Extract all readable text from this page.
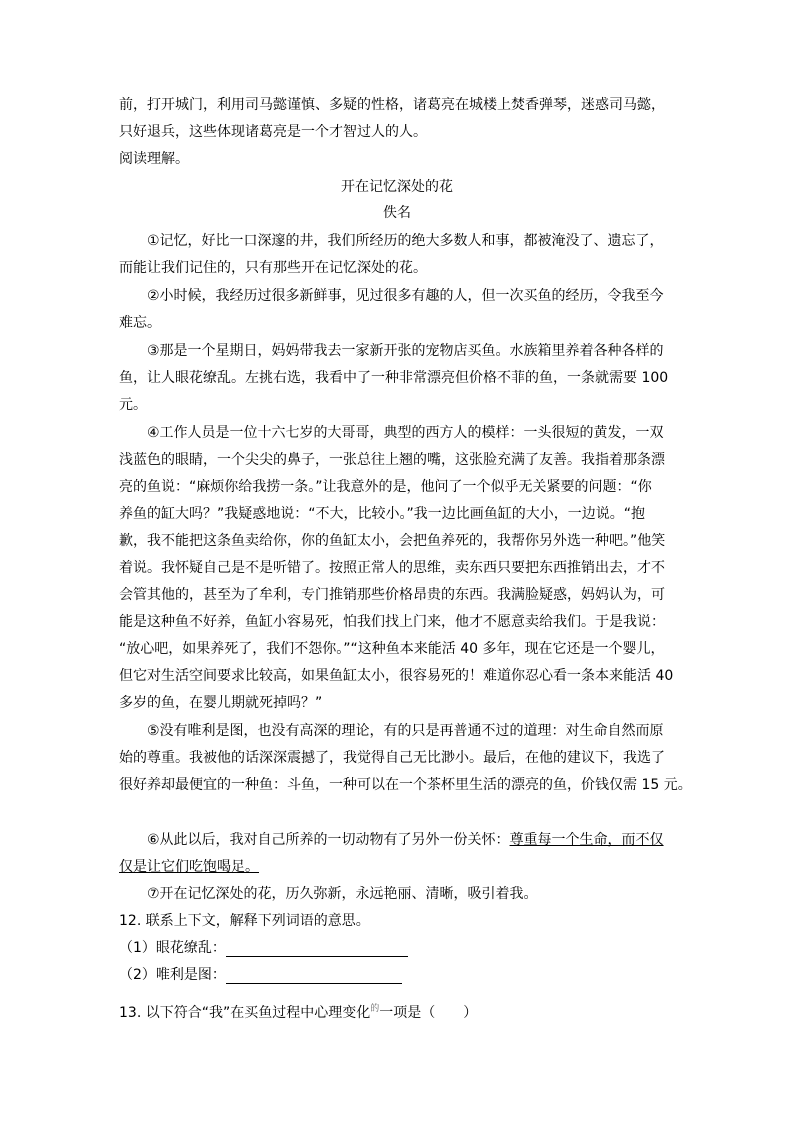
前，打开城门，利用司马懿谨慎、多疑的性格，诸葛亮在城楼上焚香弹琴，迷惑司马懿，
只好退兵，这些体现诸葛亮是一个才智过人的人。
阅读理解。
开在记忆深处的花
佚名
①记忆，好比一口深邃的井，我们所经历的绝大多数人和事，都被淹没了、遗忘了，
而能让我们记住的，只有那些开在记忆深处的花。
②小时候，我经历过很多新鲜事，见过很多有趣的人，但一次买鱼的经历，令我至今
难忘。
③那是一个星期日，妈妈带我去一家新开张的宠物店买鱼。水族箱里养着各种各样的
鱼，让人眼花缭乱。左挑右选，我看中了一种非常漂亮但价格不菲的鱼，一条就需要 100
元。
④工作人员是一位十六七岁的大哥哥，典型的西方人的模样：一头很短的黄发，一双
浅蓝色的眼睛，一个尖尖的鼻子，一张总往上翘的嘴，这张脸充满了友善。我指着那条漂
亮的鱼说：“麻烦你给我捞一条。”让我意外的是，他问了一个似乎无关紧要的问题：“你
养鱼的缸大吗？”我疑惑地说：“不大，比较小。”我一边比画鱼缸的大小，一边说。“抱
歉，我不能把这条鱼卖给你，你的鱼缸太小，会把鱼养死的，我帮你另外选一种吧。”他笑
着说。我怀疑自己是不是听错了。按照正常人的思维，卖东西只要把东西推销出去，才不
会管其他的，甚至为了牟利，专门推销那些价格昂贵的东西。我满脸疑惑，妈妈认为，可
能是这种鱼不好养，鱼缸小容易死，怕我们找上门来，他才不愿意卖给我们。于是我说：
“放心吧，如果养死了，我们不怨你。”“这种鱼本来能活 40 多年，现在它还是一个婴儿，
但它对生活空间要求比较高，如果鱼缸太小，很容易死的！难道你忍心看一条本来能活 40
多岁的鱼，在婴儿期就死掉吗？”
⑤没有唯利是图，也没有高深的理论，有的只是再普通不过的道理：对生命自然而原
始的尊重。我被他的话深深震撼了，我觉得自己无比渺小。最后，在他的建议下，我选了
很好养却最便宜的一种鱼：斗鱼，一种可以在一个茶杯里生活的漂亮的鱼，价钱仅需 15 元。
⑥从此以后，我对自己所养的一切动物有了另外一份关怀：尊重每一个生命，而不仅
仅是让它们吃饱喝足。
⑦开在记忆深处的花，历久弥新，永远艳丽、清晰，吸引着我。
12. 联系上下文，解释下列词语的意思。
（1）眼花缭乱：
（2）唯利是图：
13. 以下符合“我”在买鱼过程中心理变化$^的$一项是（　　）
